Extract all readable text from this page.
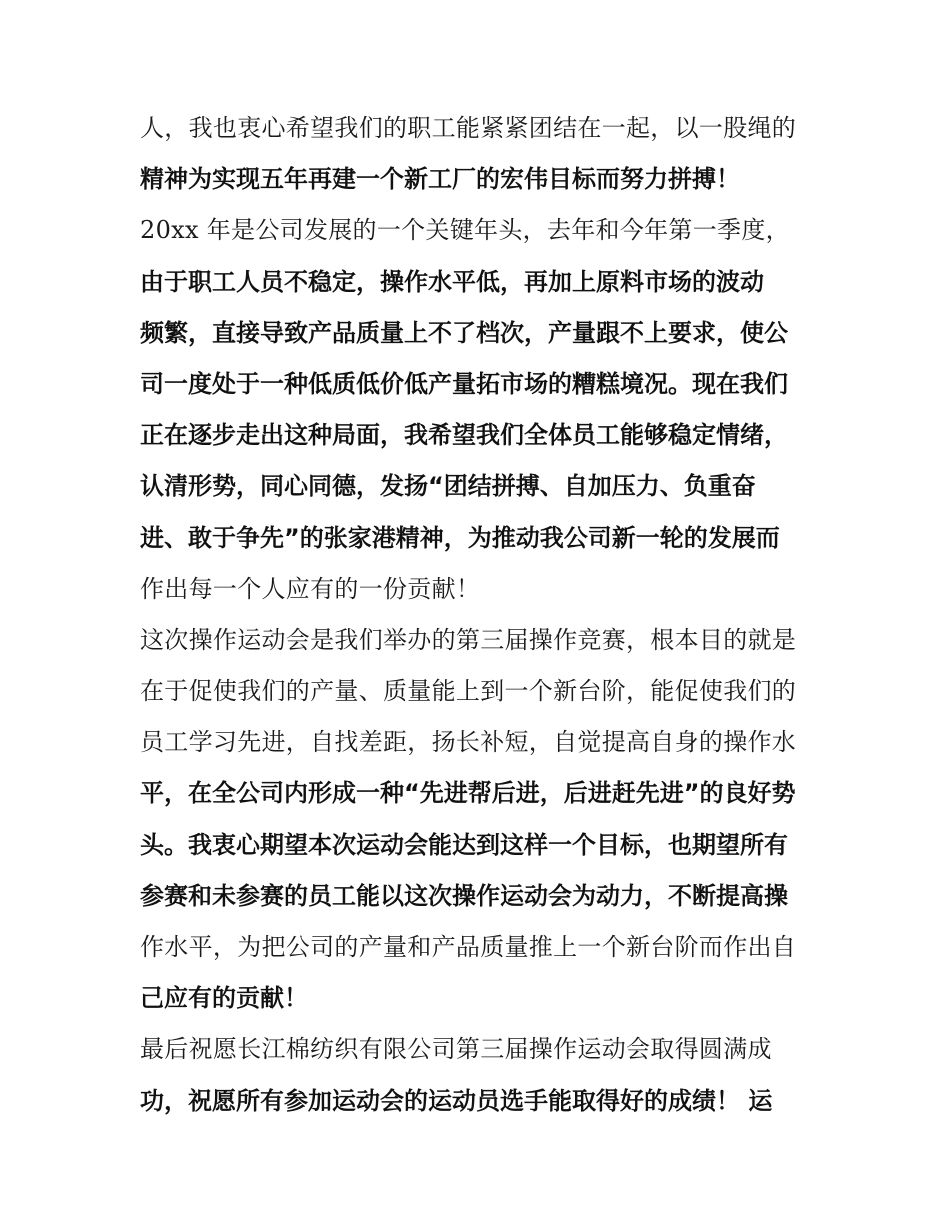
人，我也衷心希望我们的职工能紧紧团结在一起，以一股绳的
精神为实现五年再建一个新工厂的宏伟目标而努力拼搏！
20xx 年是公司发展的一个关键年头，去年和今年第一季度，
由于职工人员不稳定，操作水平低，再加上原料市场的波动
频繁，直接导致产品质量上不了档次，产量跟不上要求，使公
司一度处于一种低质低价低产量拓市场的糟糕境况。现在我们
正在逐步走出这种局面，我希望我们全体员工能够稳定情绪，
认清形势，同心同德，发扬“团结拼搏、自加压力、负重奋
进、敢于争先”的张家港精神，为推动我公司新一轮的发展而
作出每一个人应有的一份贡献！
这次操作运动会是我们举办的第三届操作竞赛，根本目的就是
在于促使我们的产量、质量能上到一个新台阶，能促使我们的
员工学习先进，自找差距，扬长补短，自觉提高自身的操作水
平，在全公司内形成一种“先进帮后进，后进赶先进”的良好势
头。我衷心期望本次运动会能达到这样一个目标，也期望所有
参赛和未参赛的员工能以这次操作运动会为动力，不断提高操
作水平，为把公司的产量和产品质量推上一个新台阶而作出自
己应有的贡献！
最后祝愿长江棉纺织有限公司第三届操作运动会取得圆满成
功，祝愿所有参加运动会的运动员选手能取得好的成绩！ 运
